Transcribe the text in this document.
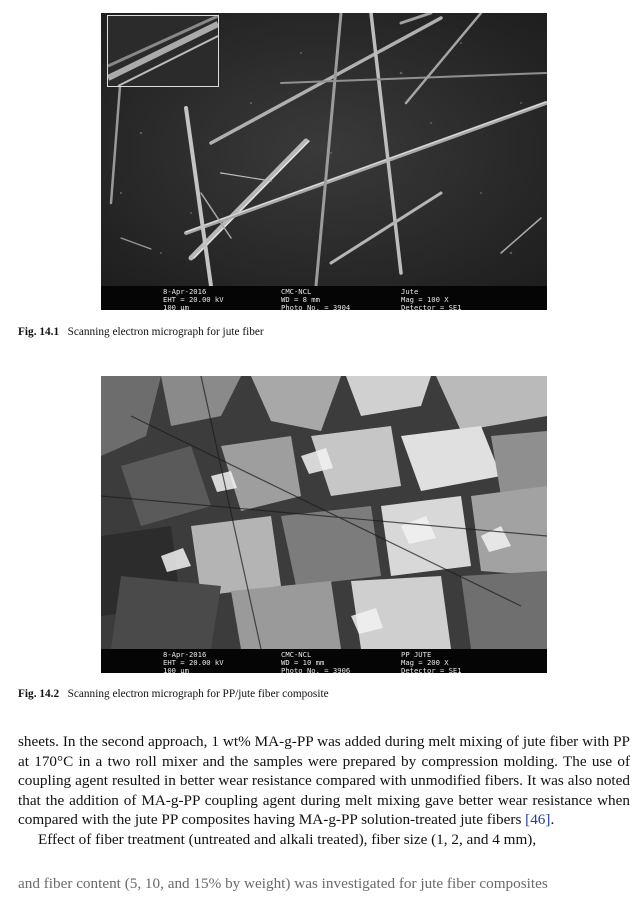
8-Apr-2016
EHT = 20.00 kV
100 µm
CMC-NCL
WD = 8 mm
Photo No. = 3904
Jute
Mag = 100 X
Detector = SE1
Fig. 14.1 Scanning electron micrograph for jute fiber
8-Apr-2016
EHT = 20.00 kV
100 µm
CMC-NCL
WD = 10 mm
Photo No. = 3906
PP JUTE
Mag = 200 X
Detector = SE1
Fig. 14.2 Scanning electron micrograph for PP/jute fiber composite

sheets. In the second approach, 1 wt% MA-g-PP was added during melt mixing of jute fiber with PP at 170°C in a two roll mixer and the samples were prepared by compression molding. The use of coupling agent resulted in better wear resistance compared with unmodified fibers. It was also noted that the addition of MA-g-PP coupling agent during melt mixing gave better wear resistance when compared with the jute PP composites having MA-g-PP solution-treated jute fibers [46].

Effect of fiber treatment (untreated and alkali treated), fiber size (1, 2, and 4 mm),

and fiber content (5, 10, and 15% by weight) was investigated for jute fiber composites
